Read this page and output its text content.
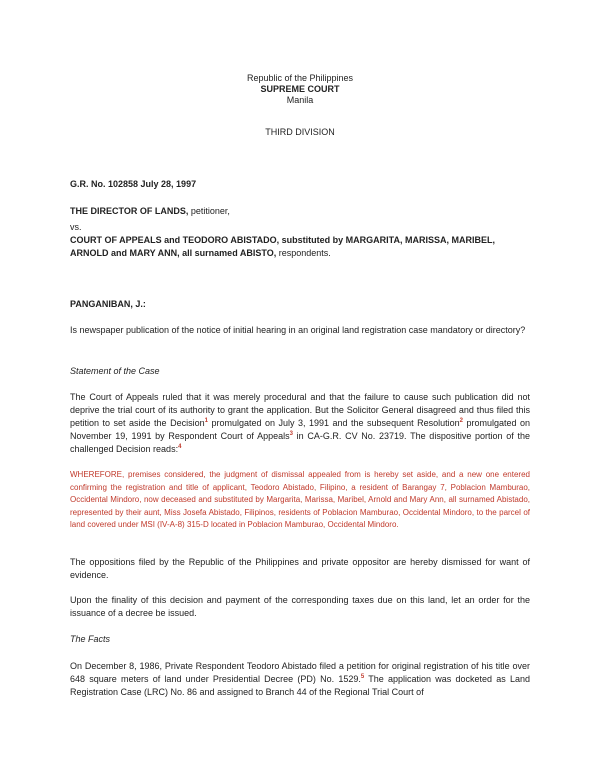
Republic of the Philippines
SUPREME COURT
Manila
THIRD DIVISION
G.R. No. 102858 July 28, 1997
THE DIRECTOR OF LANDS, petitioner,
vs.
COURT OF APPEALS and TEODORO ABISTADO, substituted by MARGARITA, MARISSA, MARIBEL, ARNOLD and MARY ANN, all surnamed ABISTO, respondents.
PANGANIBAN, J.:

Is newspaper publication of the notice of initial hearing in an original land registration case mandatory or directory?

Statement of the Case

The Court of Appeals ruled that it was merely procedural and that the failure to cause such publication did not deprive the trial court of its authority to grant the application. But the Solicitor General disagreed and thus filed this petition to set aside the Decision$^1$ promulgated on July 3, 1991 and the subsequent Resolution$^2$ promulgated on November 19, 1991 by Respondent Court of Appeals$^3$ in CA-G.R. CV No. 23719. The dispositive portion of the challenged Decision reads:$^4$

WHEREFORE, premises considered, the judgment of dismissal appealed from is hereby set aside, and a new one entered confirming the registration and title of applicant, Teodoro Abistado, Filipino, a resident of Barangay 7, Poblacion Mamburao, Occidental Mindoro, now deceased and substituted by Margarita, Marissa, Maribel, Arnold and Mary Ann, all surnamed Abistado, represented by their aunt, Miss Josefa Abistado, Filipinos, residents of Poblacion Mamburao, Occidental Mindoro, to the parcel of land covered under MSI (IV-A-8) 315-D located in Poblacion Mamburao, Occidental Mindoro.

The oppositions filed by the Republic of the Philippines and private oppositor are hereby dismissed for want of evidence.

Upon the finality of this decision and payment of the corresponding taxes due on this land, let an order for the issuance of a decree be issued.

The Facts

On December 8, 1986, Private Respondent Teodoro Abistado filed a petition for original registration of his title over 648 square meters of land under Presidential Decree (PD) No. 1529.$^5$ The application was docketed as Land Registration Case (LRC) No. 86 and assigned to Branch 44 of the Regional Trial Court of
